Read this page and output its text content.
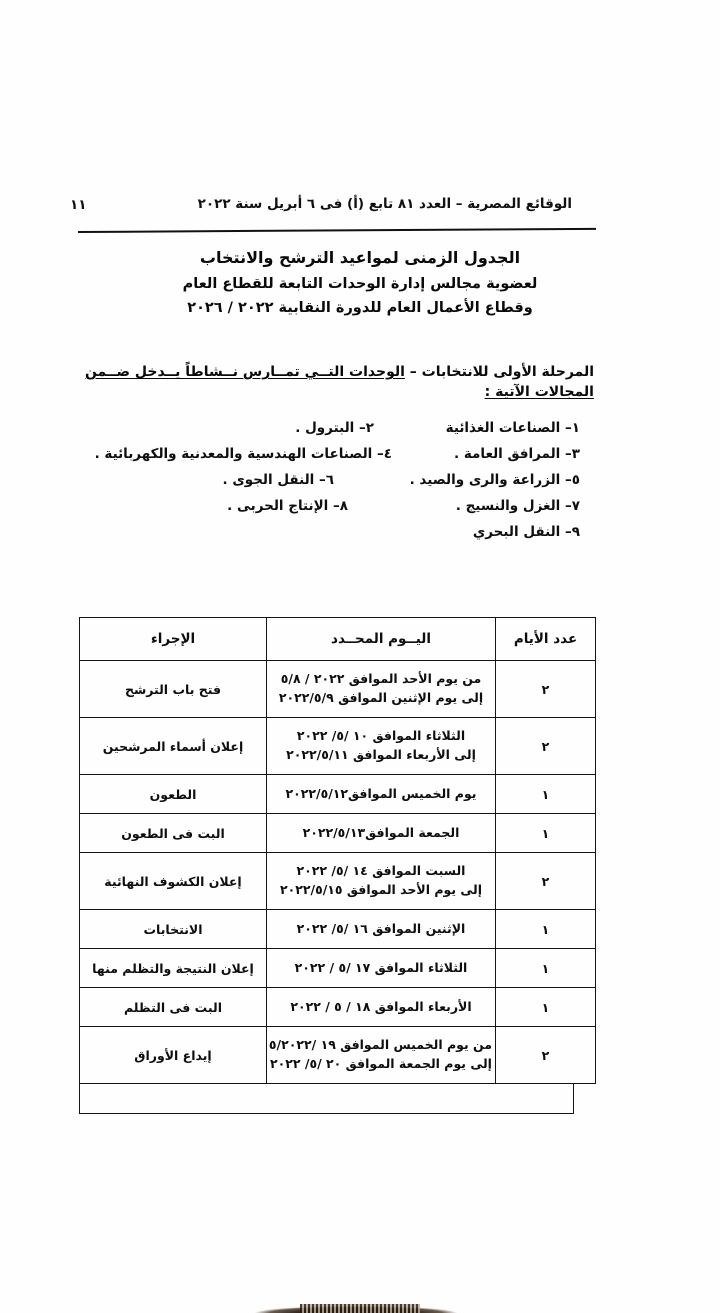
الوقائع المصرية – العدد ٨١ تابع (أ) فى ٦ أبريل سنة ٢٠٢٢
١١
الجدول الزمنى لمواعيد الترشح والانتخاب
لعضوية مجالس إدارة الوحدات التابعة للقطاع العام
وقطاع الأعمال العام للدورة النقابية ٢٠٢٢ / ٢٠٢٦
المرحلة الأولى للانتخابات – الوحدات التــي تمــارس نــشاطاً يــدخل ضــمن
المجالات الآتية :
١– الصناعات الغذائية
٢– البترول .
٣– المرافق العامة .
٤– الصناعات الهندسية والمعدنية والكهربائية .
٥– الزراعة والرى والصيد .
٦– النقل الجوى .
٧– الغزل والنسيج .
٨– الإنتاج الحربى .
٩– النقل البحري
عدد الأيام	اليــوم المحــدد	الإجراء
٢	من يوم الأحد الموافق ٢٠٢٢ / ٥/٨
إلى يوم الإثنين الموافق ٢٠٢٢/٥/٩	فتح باب الترشح
٢	الثلاثاء الموافق ١٠ /٥/ ٢٠٢٢
إلى الأربعاء الموافق ٢٠٢٢/٥/١١	إعلان أسماء المرشحين
١	يوم الخميس الموافق٢٠٢٢/٥/١٢	الطعون
١	الجمعة الموافق٢٠٢٢/٥/١٣	البت فى الطعون
٢	السبت الموافق ١٤ /٥/ ٢٠٢٢
إلى يوم الأحد الموافق ٢٠٢٢/٥/١٥	إعلان الكشوف النهائية
١	الإثنين الموافق ١٦ /٥/ ٢٠٢٢	الانتخابات
١	الثلاثاء الموافق ١٧ /٥ / ٢٠٢٢	إعلان النتيجة والتظلم منها
١	الأربعاء الموافق ١٨ / ٥ / ٢٠٢٢	البت فى التظلم
٢	من يوم الخميس الموافق ١٩ /٥/٢٠٢٢
إلى يوم الجمعة الموافق ٢٠ /٥/ ٢٠٢٢	إيداع الأوراق
